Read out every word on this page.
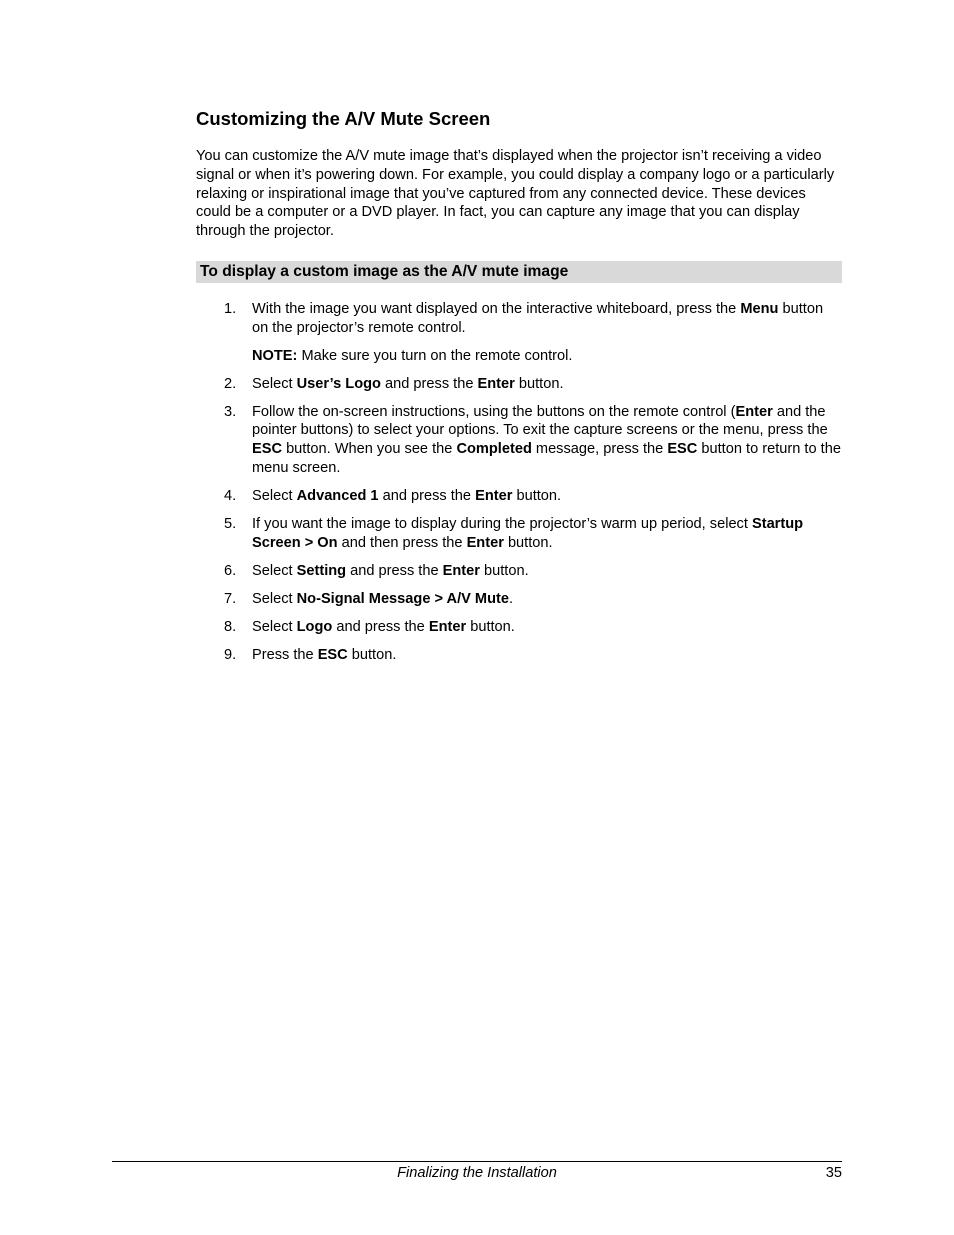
Customizing the A/V Mute Screen

You can customize the A/V mute image that’s displayed when the projector isn’t receiving a video signal or when it’s powering down. For example, you could display a company logo or a particularly relaxing or inspirational image that you’ve captured from any connected device. These devices could be a computer or a DVD player. In fact, you can capture any image that you can display through the projector.

To display a custom image as the A/V mute image
1. With the image you want displayed on the interactive whiteboard, press the Menu button on the projector’s remote control.
NOTE: Make sure you turn on the remote control.
2. Select User’s Logo and press the Enter button.
3. Follow the on-screen instructions, using the buttons on the remote control (Enter and the pointer buttons) to select your options. To exit the capture screens or the menu, press the ESC button. When you see the Completed message, press the ESC button to return to the menu screen.
4. Select Advanced 1 and press the Enter button.
5. If you want the image to display during the projector’s warm up period, select Startup Screen > On and then press the Enter button.
6. Select Setting and press the Enter button.
7. Select No-Signal Message > A/V Mute.
8. Select Logo and press the Enter button.
9. Press the ESC button.
Finalizing the Installation	35
